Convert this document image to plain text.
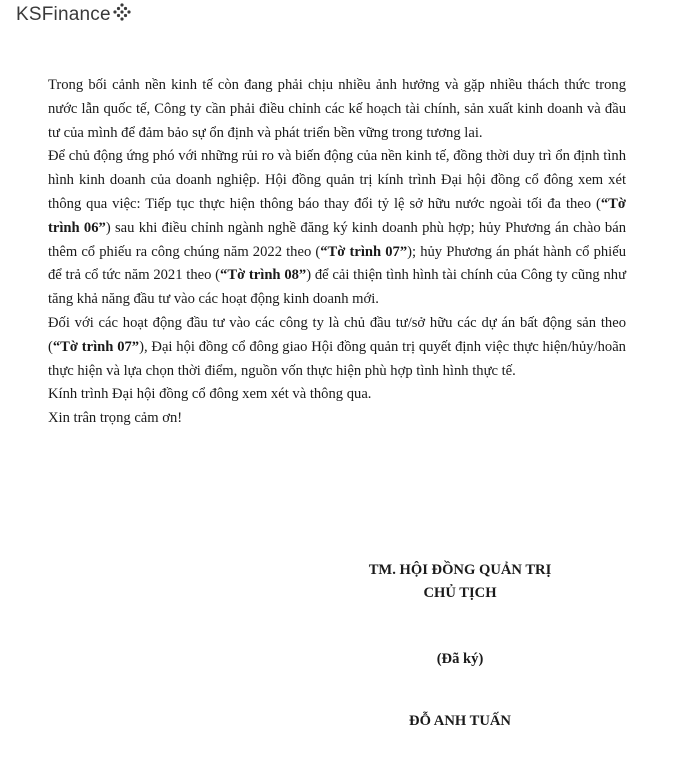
KSFinance

Trong bối cảnh nền kinh tế còn đang phải chịu nhiều ảnh hưởng và gặp nhiều thách thức trong nước lẫn quốc tế, Công ty cần phải điều chỉnh các kế hoạch tài chính, sản xuất kinh doanh và đầu tư của mình để đảm bảo sự ổn định và phát triển bền vững trong tương lai.

Để chủ động ứng phó với những rủi ro và biến động của nền kinh tế, đồng thời duy trì ổn định tình hình kinh doanh của doanh nghiệp. Hội đồng quản trị kính trình Đại hội đồng cổ đông xem xét thông qua việc: Tiếp tục thực hiện thông báo thay đổi tỷ lệ sở hữu nước ngoài tối đa theo (“Tờ trình 06”) sau khi điều chỉnh ngành nghề đăng ký kinh doanh phù hợp; hủy Phương án chào bán thêm cổ phiếu ra công chúng năm 2022 theo (“Tờ trình 07”); hủy Phương án phát hành cổ phiếu để trả cổ tức năm 2021 theo (“Tờ trình 08”) để cải thiện tình hình tài chính của Công ty cũng như tăng khả năng đầu tư vào các hoạt động kinh doanh mới.

Đối với các hoạt động đầu tư vào các công ty là chủ đầu tư/sở hữu các dự án bất động sản theo (“Tờ trình 07”), Đại hội đồng cổ đông giao Hội đồng quản trị quyết định việc thực hiện/hủy/hoãn thực hiện và lựa chọn thời điểm, nguồn vốn thực hiện phù hợp tình hình thực tế.

Kính trình Đại hội đồng cổ đông xem xét và thông qua.

Xin trân trọng cảm ơn!

TM. HỘI ĐỒNG QUẢN TRỊ
CHỦ TỊCH
(Đã ký)
ĐỖ ANH TUẤN
